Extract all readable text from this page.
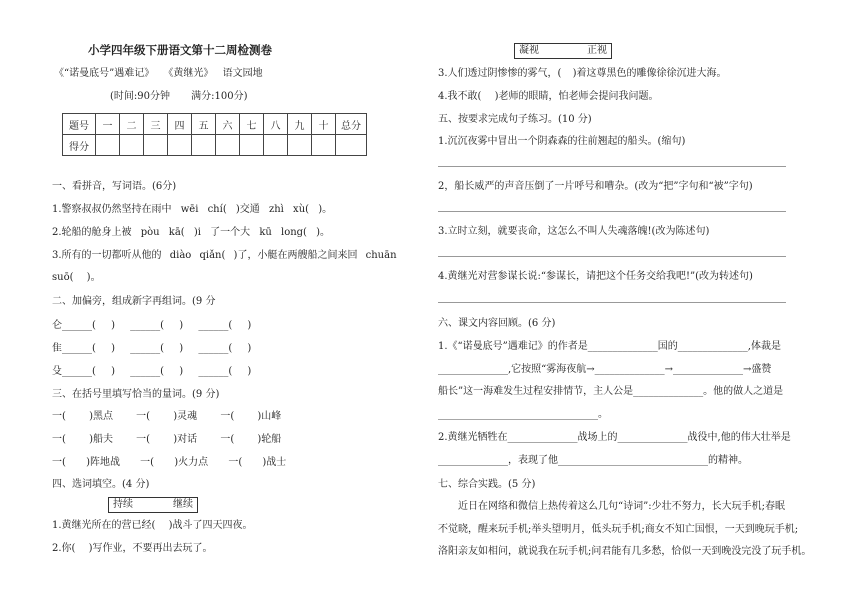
小学四年级下册语文第十二周检测卷
《“诺曼底号”遇难记》 《黄继光》 语文园地
(时间:90分钟 满分:100分)
题号	一	二	三	四	五	六	七	八	九	十	总分
得分											
一、看拼音，写词语。(6分)
1.警察叔叔仍然坚持在雨中 wēi chí( )交通 zhì xù( )。
2.轮船的舱身上被 pòu kā( )i 了一个大 kū long( )。
3.所有的一切都听从他的 diào qiǎn( )了，小艇在两艘船之间来回 chuān
suō( )。
二、加偏旁，组成新字再组词。(9 分
仑______( ) ______( ) ______( )
隹______( ) ______( ) ______( )
殳______( ) ______( ) ______( )
三、在括号里填写恰当的量词。(9 分)
一( )黑点 一( )灵魂 一( )山峰
一( )船夫 一( )对话 一( )轮船
一( )阵地战 一( )火力点 一( )战士
四、选词填空。(4 分)
持续	继续
1.黄继光所在的营已经( )战斗了四天四夜。
2.你( )写作业，不要再出去玩了。
凝视	正视
3.人们透过阴惨惨的雾气，( )着这尊黑色的雕像徐徐沉进大海。
4.我不敢( )老师的眼睛，怕老师会提问我问题。
五、按要求完成句子练习。(10 分)
1.沉沉夜雾中冒出一个阴森森的往前翘起的船头。(缩句)
2，船长威严的声音压倒了一片呼号和嘈杂。(改为“把”字句和“被”字句)
3.立时立刻，就要丧命，这怎么不叫人失魂落魄!(改为陈述句)
4.黄继光对营参谋长说:“参谋长，请把这个任务交给我吧!”(改为转述句)
六、课文内容回顾。(6 分)
1.《“诺曼底号”遇难记》的作者是______________国的______________,体裁是
______________,它按照“雾海夜航→______________→______________→盛赞
船长”这一海难发生过程安排情节，主人公是______________。他的做人之道是
________________________________。
2.黄继光牺牲在______________战场上的______________战役中,他的伟大壮举是
______________，表现了他______________________________的精神。
七、综合实践。(5 分)
近日在网络和微信上热传着这么几句“诗词”:少壮不努力，长大玩手机;春眠
不觉晓，醒来玩手机;举头望明月，低头玩手机;商女不知亡国恨，一天到晚玩手机;
洛阳亲友如相问，就说我在玩手机;问君能有几多愁，恰似一天到晚没完没了玩手机。
